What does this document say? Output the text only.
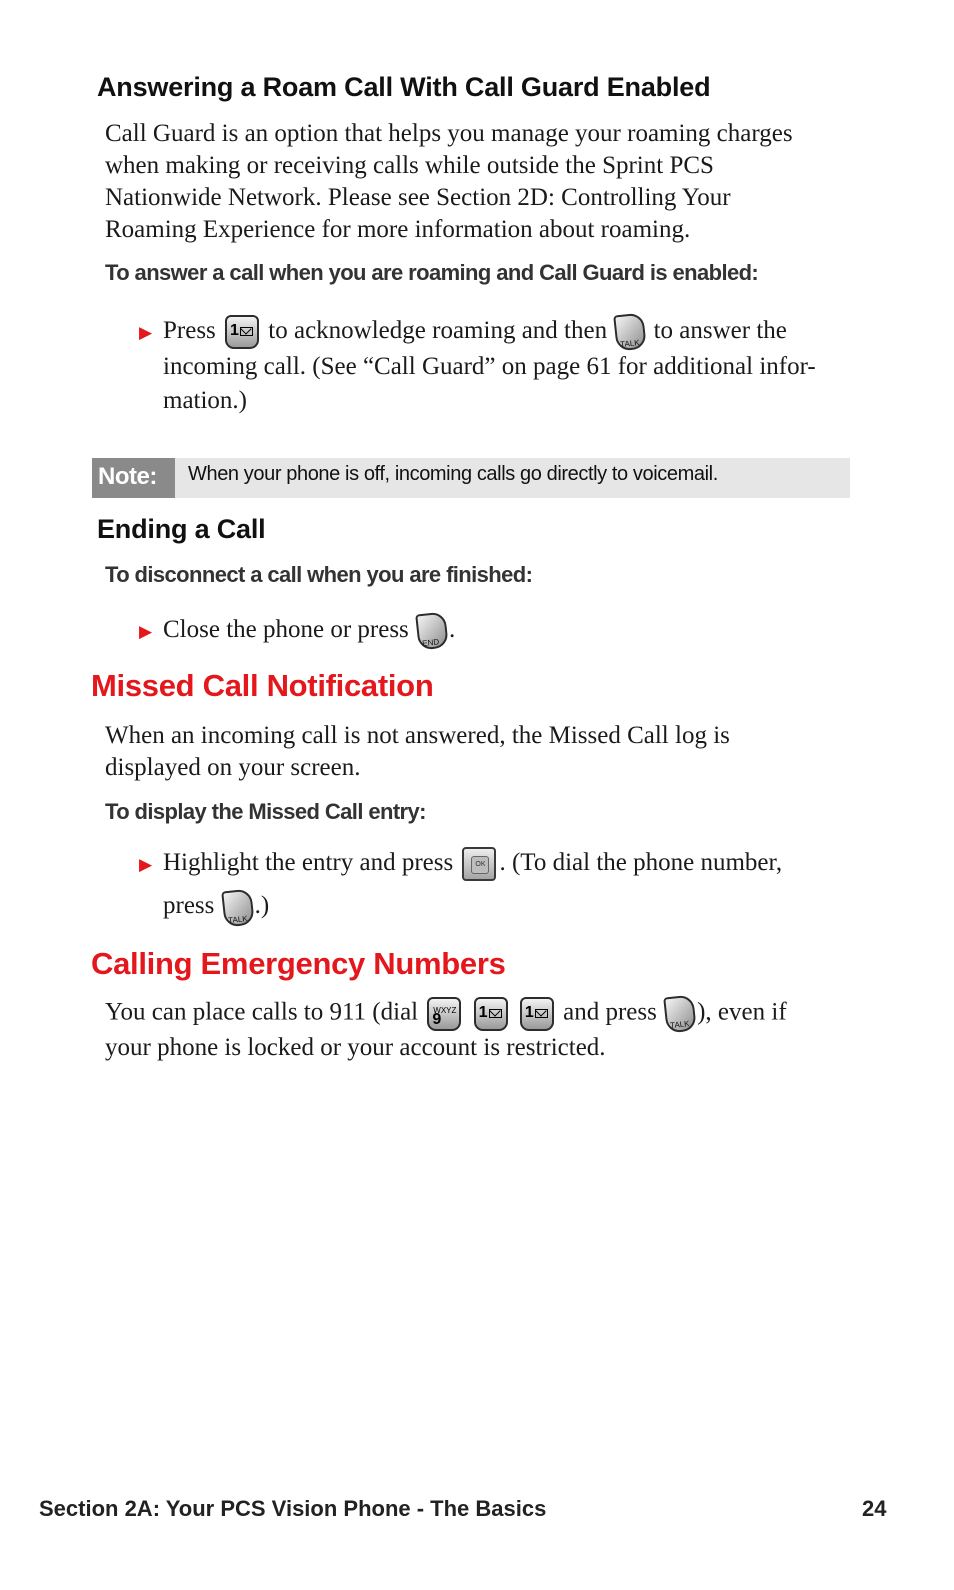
Answering a Roam Call With Call Guard Enabled
Call Guard is an option that helps you manage your roaming charges
when making or receiving calls while outside the Sprint PCS
Nationwide Network. Please see Section 2D: Controlling Your
Roaming Experience for more information about roaming.
To answer a call when you are roaming and Call Guard is enabled:
▶ Press 1 to acknowledge roaming and then TALK to answer the
incoming call. (See “Call Guard” on page 61 for additional infor-
mation.)
Note:	When your phone is off, incoming calls go directly to voicemail.
Ending a Call
To disconnect a call when you are finished:
▶ Close the phone or press END .
Missed Call Notification
When an incoming call is not answered, the Missed Call log is
displayed on your screen.
To display the Missed Call entry:
▶ Highlight the entry and press	OK . (To dial the phone number,
press TALK .)
Calling Emergency Numbers
You can place calls to 911 (dial 9
WXYZ
1
1 and press TALK ), even if
your phone is locked or your account is restricted.
Section 2A: Your PCS Vision Phone - The Basics	24
